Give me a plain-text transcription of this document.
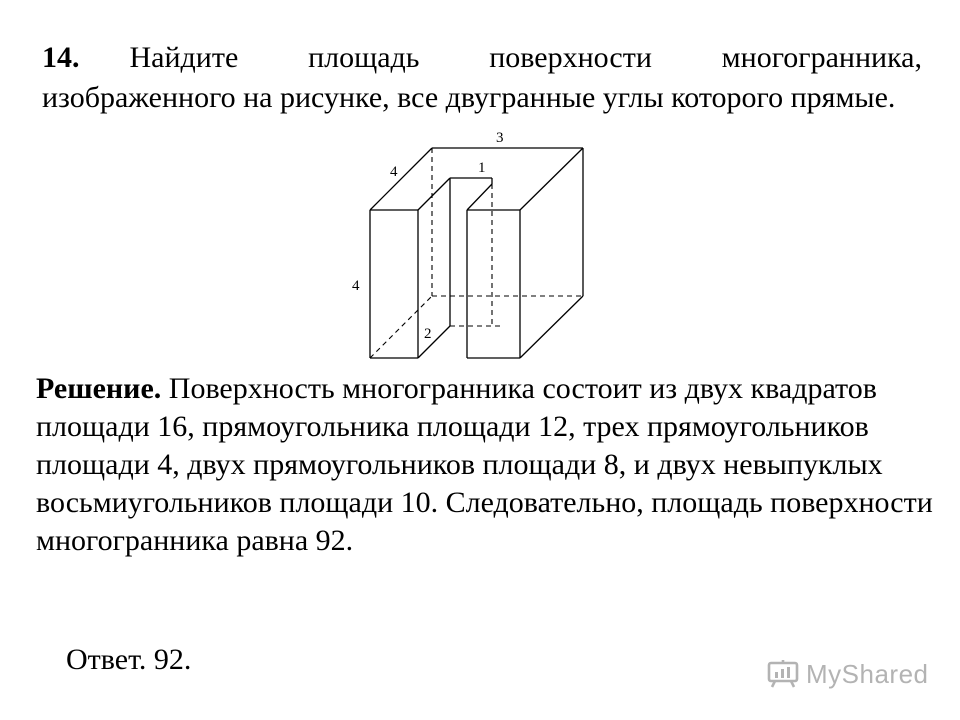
14. Найдите площадь поверхности многогранника, изображенного на рисунке, все двугранные углы которого прямые.
3
4	1
4
2
Решение. Поверхность многогранника состоит из двух квадратов площади 16, прямоугольника площади 12, трех прямоугольников площади 4, двух прямоугольников площади 8, и двух невыпуклых восьмиугольников площади 10. Следовательно, площадь поверхности многогранника равна 92.
Ответ. 92.	MyShared
